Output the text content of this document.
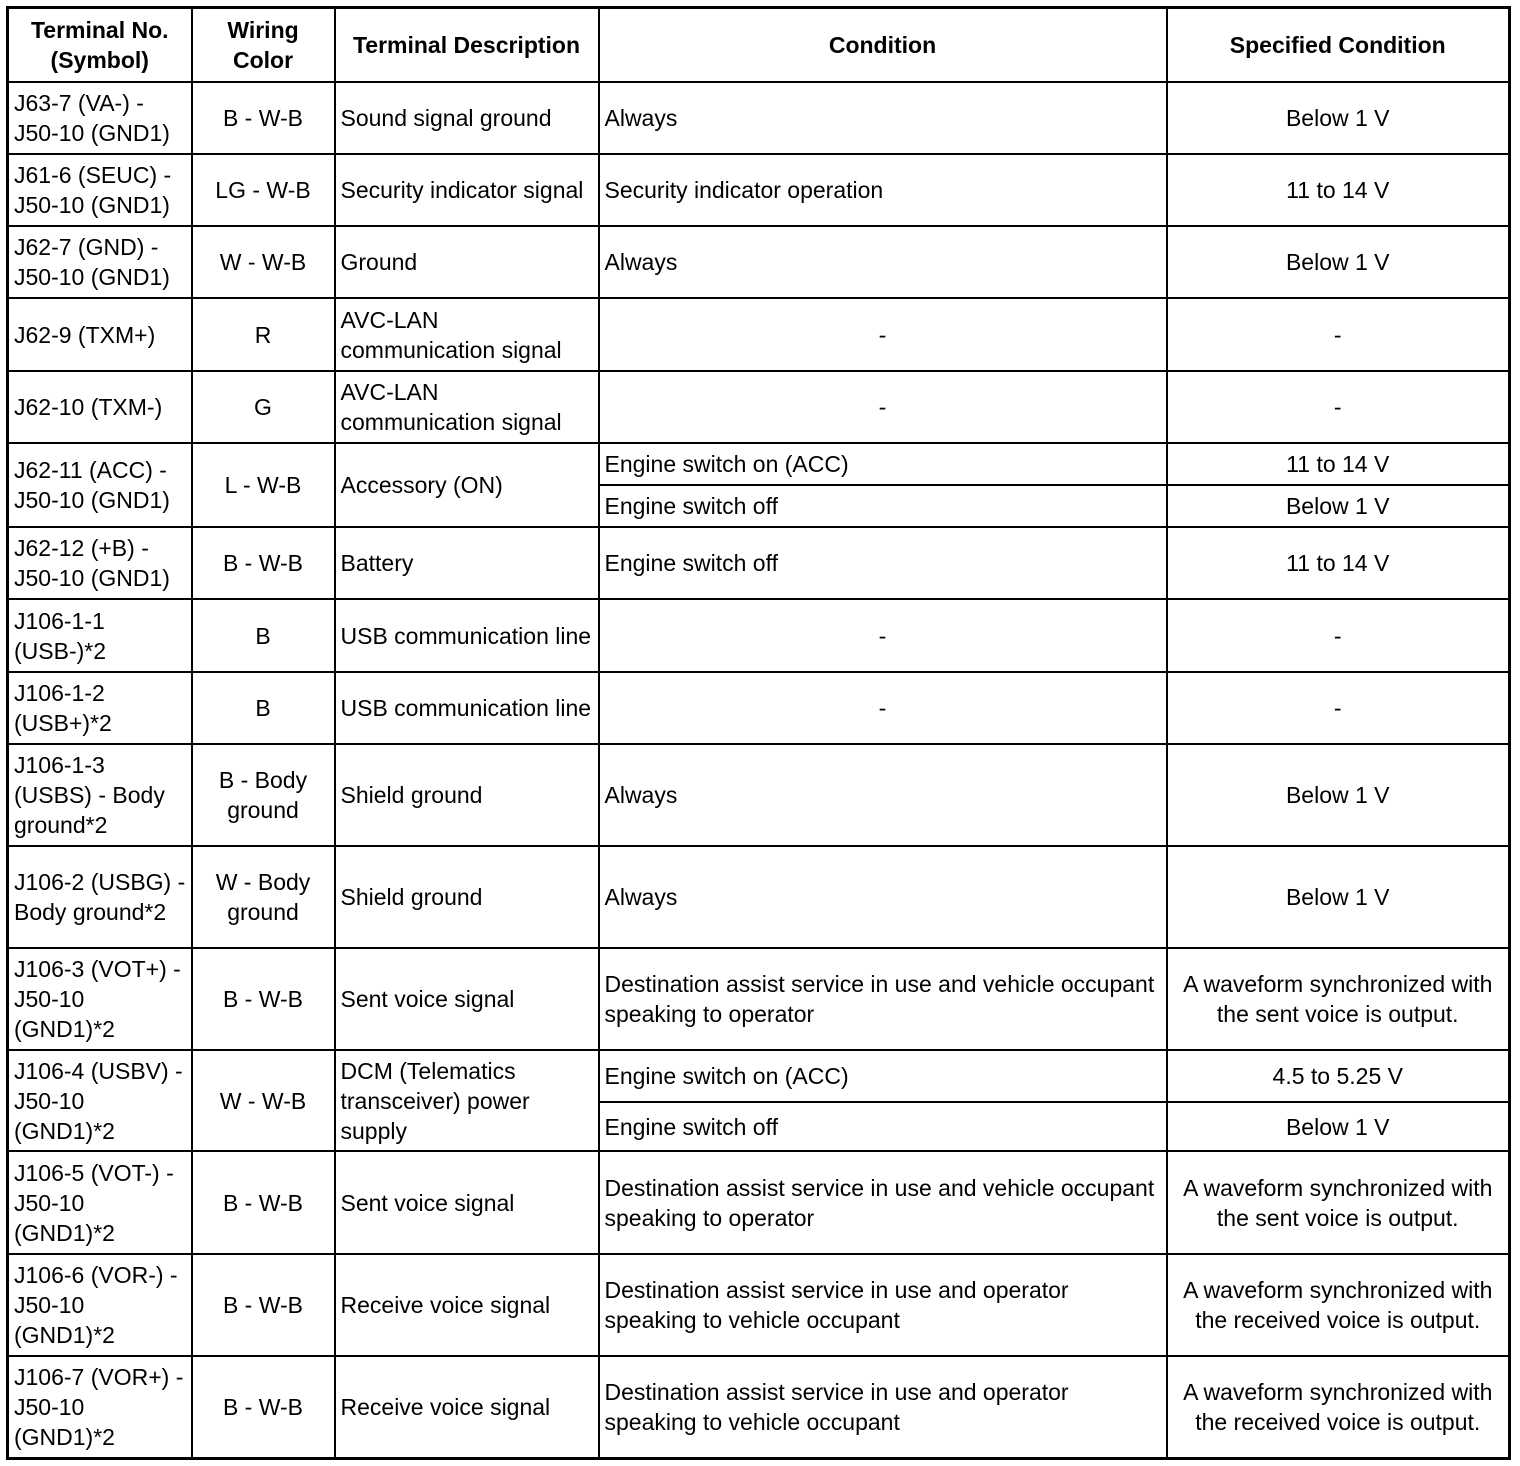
Terminal No. (Symbol)	Wiring Color	Terminal Description	Condition	Specified Condition
J63-7 (VA-) - J50-10 (GND1)	B - W-B	Sound signal ground	Always	Below 1 V
J61-6 (SEUC) - J50-10 (GND1)	LG - W-B	Security indicator signal	Security indicator operation	11 to 14 V
J62-7 (GND) - J50-10 (GND1)	W - W-B	Ground	Always	Below 1 V
J62-9 (TXM+)	R	AVC-LAN communication signal	-	-
J62-10 (TXM-)	G	AVC-LAN communication signal	-	-
J62-11 (ACC) - J50-10 (GND1)	L - W-B	Accessory (ON)	Engine switch on (ACC)	11 to 14 V
			Engine switch off	Below 1 V
J62-12 (+B) - J50-10 (GND1)	B - W-B	Battery	Engine switch off	11 to 14 V
J106-1-1 (USB-)*2	B	USB communication line	-	-
J106-1-2 (USB+)*2	B	USB communication line	-	-
J106-1-3 (USBS) - Body ground*2	B - Body ground	Shield ground	Always	Below 1 V
J106-2 (USBG) - Body ground*2	W - Body ground	Shield ground	Always	Below 1 V
J106-3 (VOT+) - J50-10 (GND1)*2	B - W-B	Sent voice signal	Destination assist service in use and vehicle occupant speaking to operator	A waveform synchronized with the sent voice is output.
J106-4 (USBV) - J50-10 (GND1)*2	W - W-B	DCM (Telematics transceiver) power supply	Engine switch on (ACC)	4.5 to 5.25 V
			Engine switch off	Below 1 V
J106-5 (VOT-) - J50-10 (GND1)*2	B - W-B	Sent voice signal	Destination assist service in use and vehicle occupant speaking to operator	A waveform synchronized with the sent voice is output.
J106-6 (VOR-) - J50-10 (GND1)*2	B - W-B	Receive voice signal	Destination assist service in use and operator speaking to vehicle occupant	A waveform synchronized with the received voice is output.
J106-7 (VOR+) - J50-10 (GND1)*2	B - W-B	Receive voice signal	Destination assist service in use and operator speaking to vehicle occupant	A waveform synchronized with the received voice is output.
